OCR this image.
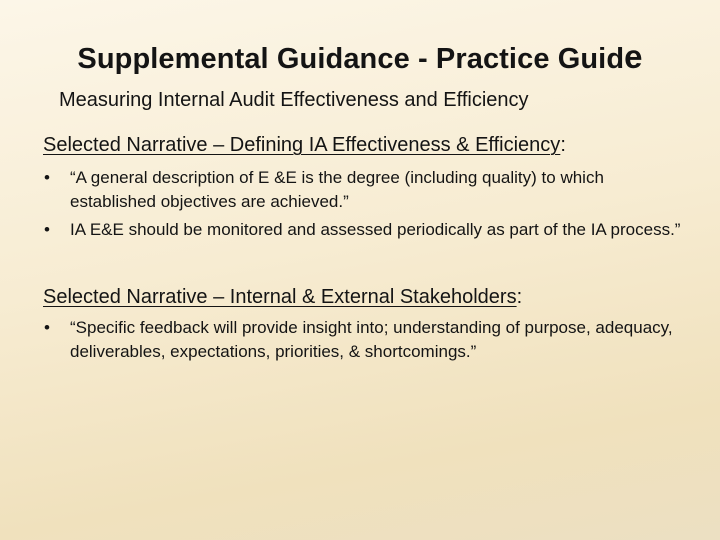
Supplemental Guidance - Practice Guide
Measuring Internal Audit Effectiveness and Efficiency
Selected Narrative – Defining IA Effectiveness & Efficiency:
• “A general description of E &E is the degree (including quality) to which established objectives are achieved.”
• IA E&E should be monitored and assessed periodically as part of the IA process.”
Selected Narrative – Internal & External Stakeholders:
• “Specific feedback will provide insight into; understanding of purpose, adequacy, deliverables, expectations, priorities, & shortcomings.”
